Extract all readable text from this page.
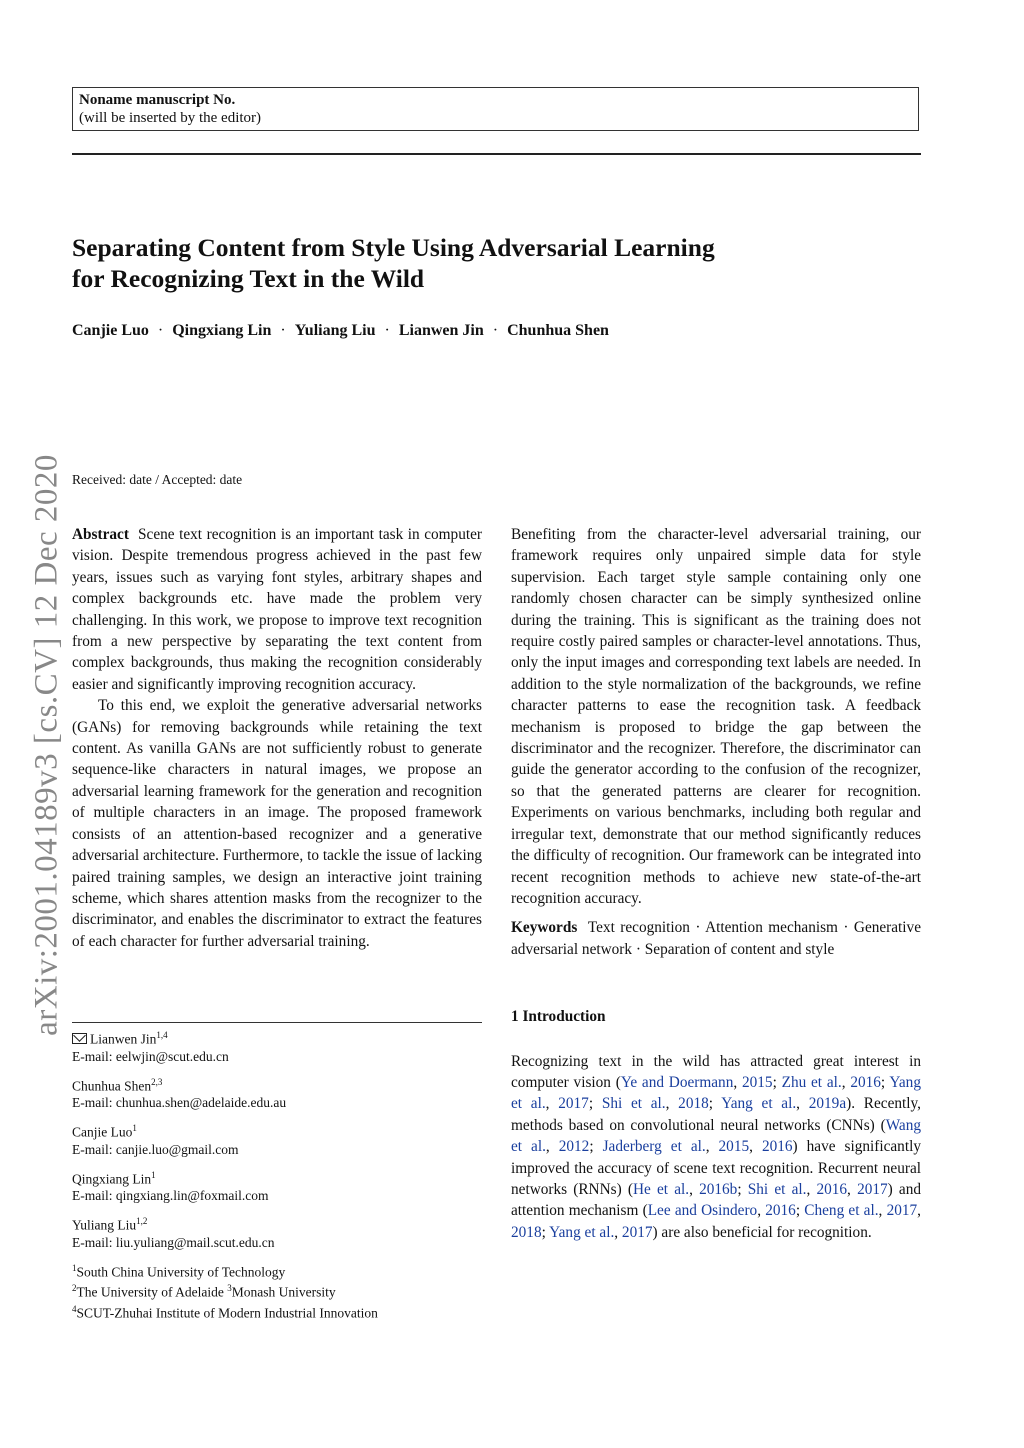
Noname manuscript No.
(will be inserted by the editor)
Separating Content from Style Using Adversarial Learning
for Recognizing Text in the Wild
Canjie Luo · Qingxiang Lin · Yuliang Liu · Lianwen Jin · Chunhua Shen
arXiv:2001.04189v3 [cs.CV] 12 Dec 2020 Received: date / Accepted: date

Abstract Scene text recognition is an important task in computer vision. Despite tremendous progress achieved in the past few years, issues such as varying font styles, arbitrary shapes and complex backgrounds etc. have made the problem very challenging. In this work, we propose to improve text recognition from a new perspective by separating the text content from complex backgrounds, thus making the recognition considerably easier and significantly improving recognition accuracy.

To this end, we exploit the generative adversarial networks (GANs) for removing backgrounds while retaining the text content. As vanilla GANs are not sufficiently robust to generate sequence-like characters in natural images, we propose an adversarial learning framework for the generation and recognition of multiple characters in an image. The proposed framework consists of an attention-based recognizer and a generative adversarial architecture. Furthermore, to tackle the issue of lacking paired training samples, we design an interactive joint training scheme, which shares attention masks from the recognizer to the discriminator, and enables the discriminator to extract the features of each character for further adversarial training.

Lianwen Jin$^{1,4}$
E-mail: eelwjin@scut.edu.cn
Chunhua Shen$^{2,3}$
E-mail: chunhua.shen@adelaide.edu.au
Canjie Luo$^1$
E-mail: canjie.luo@gmail.com
Qingxiang Lin$^1$
E-mail: qingxiang.lin@foxmail.com
Yuliang Liu$^{1,2}$
E-mail: liu.yuliang@mail.scut.edu.cn
$^1$South China University of Technology
$^2$The University of Adelaide $^3$Monash University
$^4$SCUT-Zhuhai Institute of Modern Industrial Innovation

Benefiting from the character-level adversarial training, our framework requires only unpaired simple data for style supervision. Each target style sample containing only one randomly chosen character can be simply synthesized online during the training. This is significant as the training does not require costly paired samples or character-level annotations. Thus, only the input images and corresponding text labels are needed. In addition to the style normalization of the backgrounds, we refine character patterns to ease the recognition task. A feedback mechanism is proposed to bridge the gap between the discriminator and the recognizer. Therefore, the discriminator can guide the generator according to the confusion of the recognizer, so that the generated patterns are clearer for recognition. Experiments on various benchmarks, including both regular and irregular text, demonstrate that our method significantly reduces the difficulty of recognition. Our framework can be integrated into recent recognition methods to achieve new state-of-the-art recognition accuracy.

Keywords Text recognition · Attention mechanism · Generative adversarial network · Separation of content and style

1 Introduction

Recognizing text in the wild has attracted great interest in computer vision (Ye and Doermann, 2015; Zhu et al., 2016; Yang et al., 2017; Shi et al., 2018; Yang et al., 2019a). Recently, methods based on convolutional neural networks (CNNs) (Wang et al., 2012; Jaderberg et al., 2015, 2016) have significantly improved the accuracy of scene text recognition. Recurrent neural networks (RNNs) (He et al., 2016b; Shi et al., 2016, 2017) and attention mechanism (Lee and Osindero, 2016; Cheng et al., 2017, 2018; Yang et al., 2017) are also beneficial for recognition.
